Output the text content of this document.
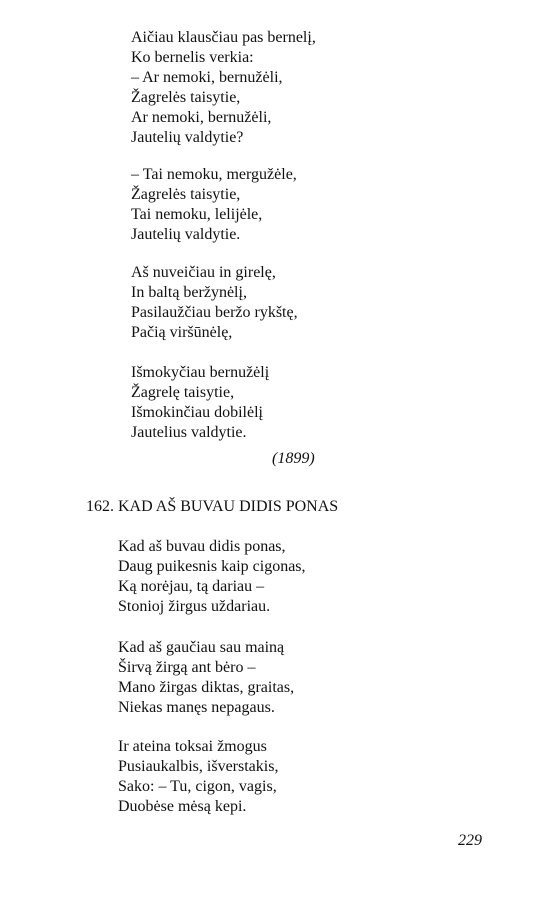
Aičiau klausčiau pas bernelį,
Ko bernelis verkia:
– Ar nemoki, bernužėli,
Žagrelės taisytie,
Ar nemoki, bernužėli,
Jautelių valdytie?
– Tai nemoku, mergužėle,
Žagrelės taisytie,
Tai nemoku, lelijėle,
Jautelių valdytie.
Aš nuveičiau in girelę,
In baltą beržynėlį,
Pasilaužčiau beržo rykštę,
Pačią viršūnėlę,
Išmokyčiau bernužėlį
Žagrelę taisytie,
Išmokinčiau dobilėlį
Jautelius valdytie.
(1899)
162. KAD AŠ BUVAU DIDIS PONAS
Kad aš buvau didis ponas,
Daug puikesnis kaip cigonas,
Ką norėjau, tą dariau –
Stonioj žirgus uždariau.
Kad aš gaučiau sau mainą
Širvą žirgą ant bėro –
Mano žirgas diktas, graitas,
Niekas manęs nepagaus.
Ir ateina toksai žmogus
Pusiaukalbis, išverstakis,
Sako: – Tu, cigon, vagis,
Duobėse mėsą kepi.
229
